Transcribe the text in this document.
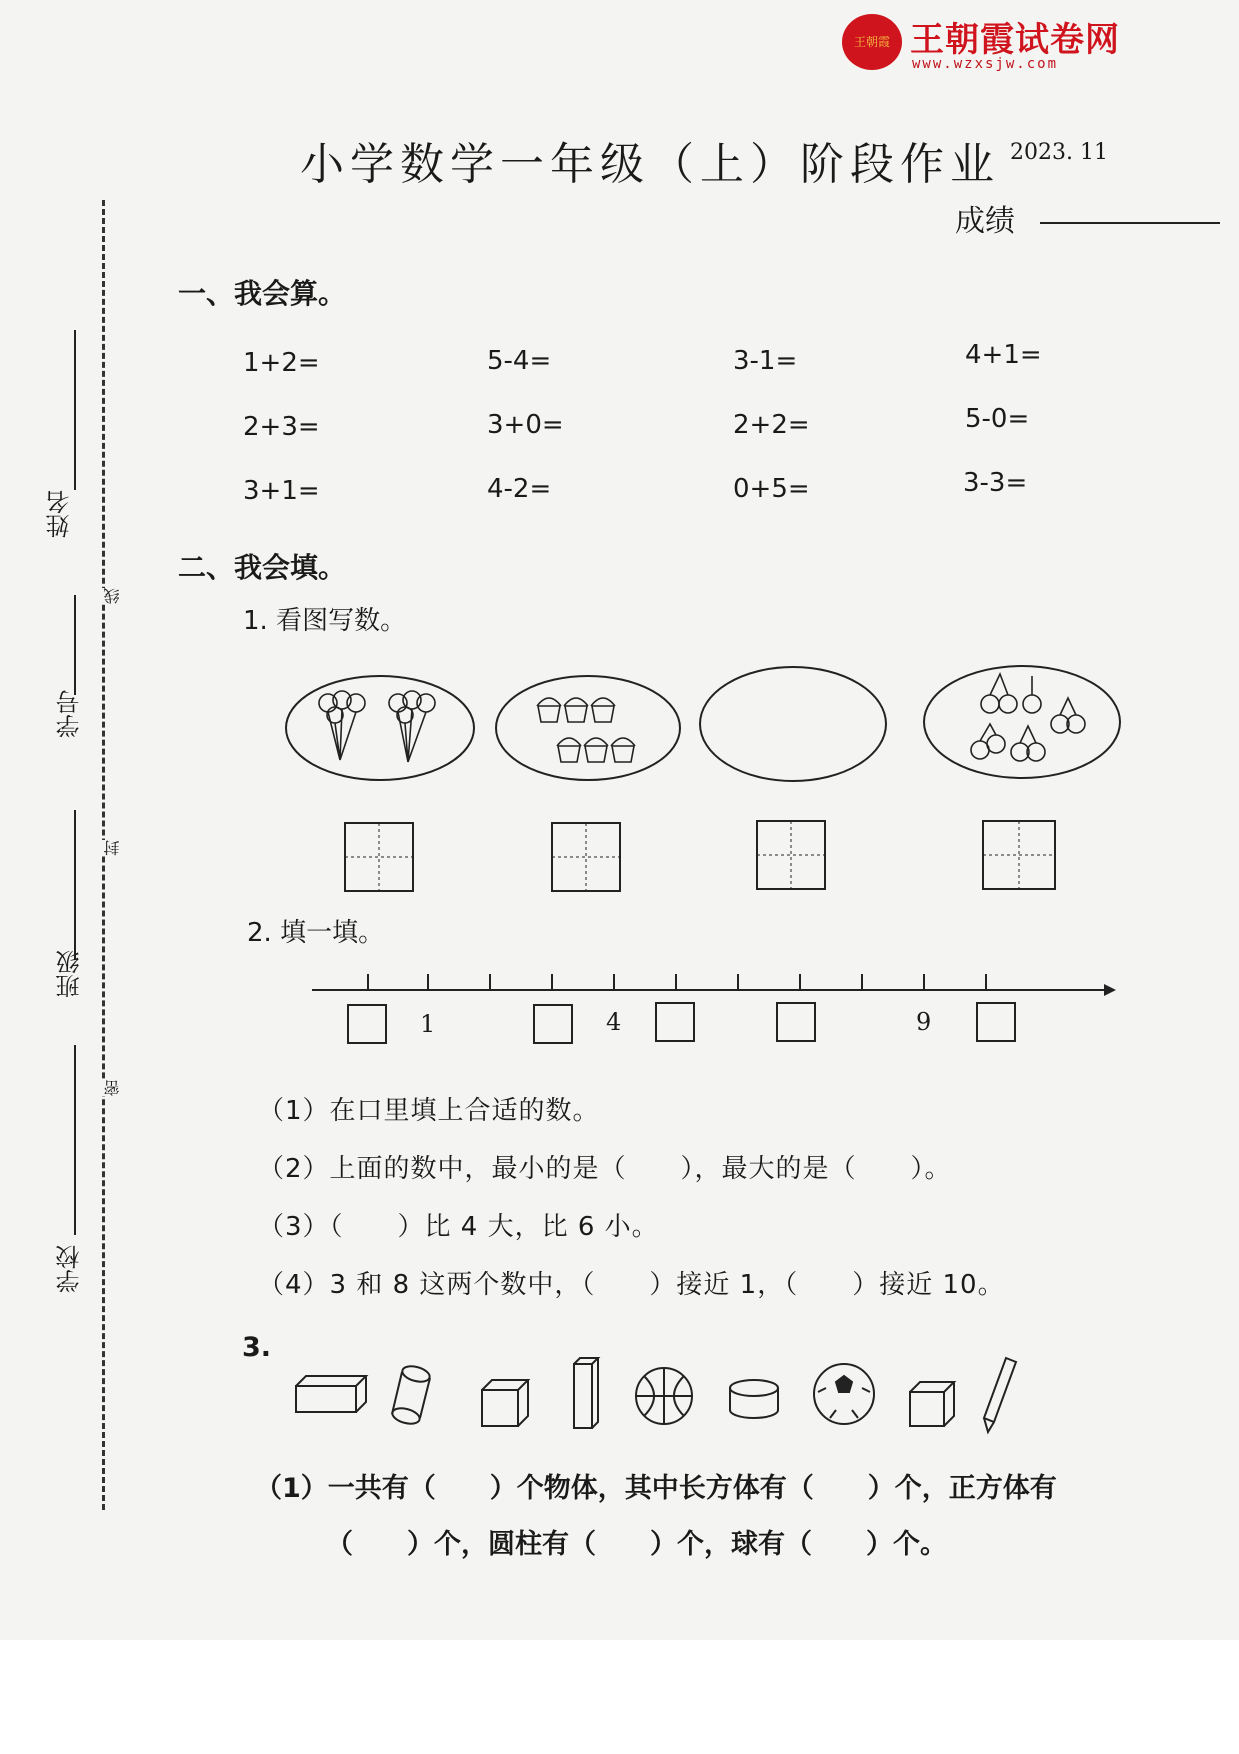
王朝霞 王朝霞试卷网
www.wzxsjw.com
小学数学一年级（上）阶段作业 2023. 11
成绩
姓名
线
学号
封
班级
密
学校
一、我会算。
1+2=	5-4=	3-1=	4+1=
2+3=	3+0=	2+2=	5-0=
3+1=	4-2=	0+5=	3-3=
二、我会填。
1. 看图写数。
2. 填一填。
1	4	9
（1）在口里填上合适的数。
（2）上面的数中，最小的是（　　），最大的是（　　）。
（3）（　　）比 4 大，比 6 小。
（4）3 和 8 这两个数中，（　　）接近 1，（　　）接近 10。
3.
（1）一共有（　　）个物体，其中长方体有（　　）个，正方体有
（　　）个，圆柱有（　　）个，球有（　　）个。
